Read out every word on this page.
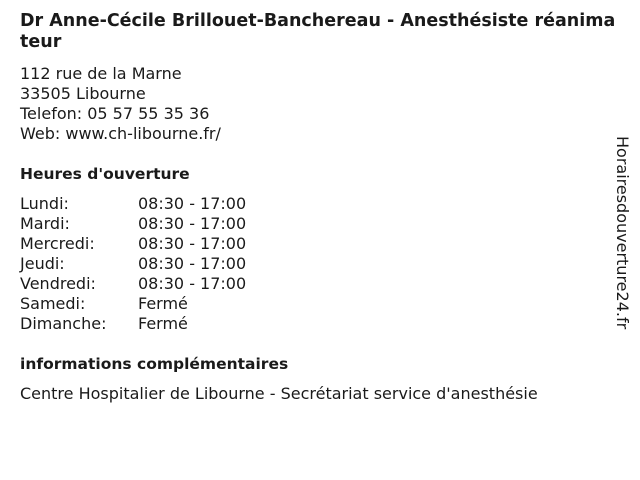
Dr Anne-Cécile Brillouet-Banchereau - Anesthésiste réanimateur
112 rue de la Marne
33505 Libourne
Telefon: 05 57 55 35 36
Web: www.ch-libourne.fr/
Heures d'ouverture
Lundi:	08:30 - 17:00
Mardi:	08:30 - 17:00
Mercredi:	08:30 - 17:00
Jeudi:	08:30 - 17:00
Vendredi:	08:30 - 17:00
Samedi:	Fermé
Dimanche: Fermé
informations complémentaires
Centre Hospitalier de Libourne - Secrétariat service d'anesthésie
Horairesdouverture24.fr
